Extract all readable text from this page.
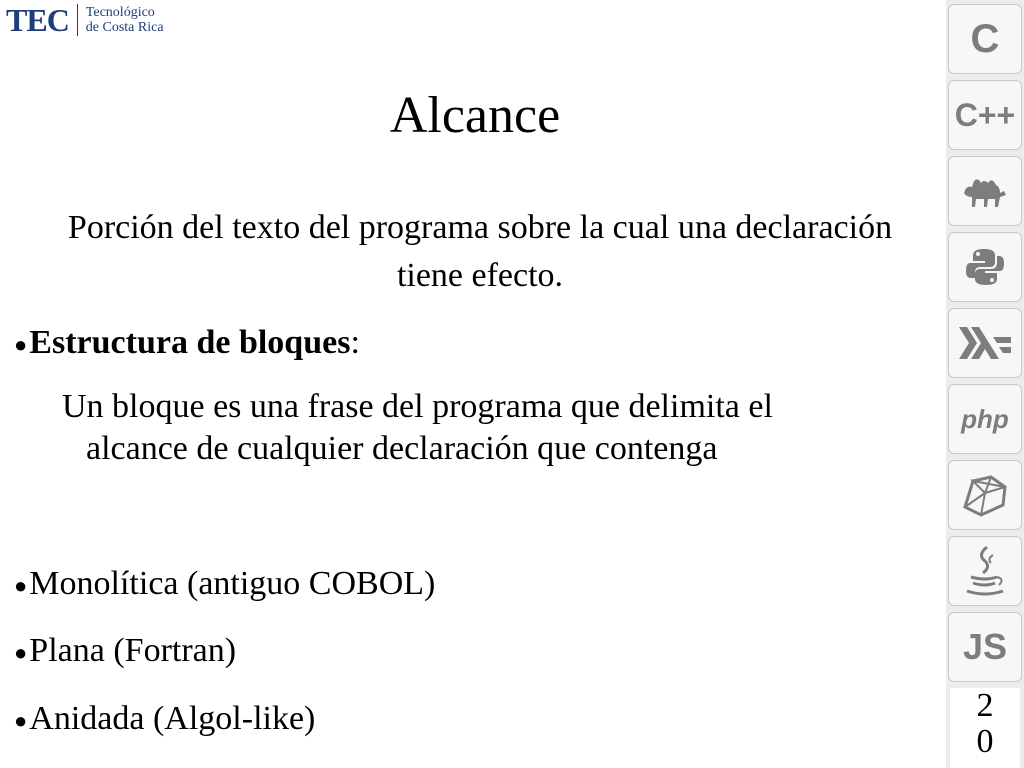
TEC Tecnológico
de Costa Rica
Alcance
Porción del texto del programa sobre la cual una declaración tiene efecto.
●Estructura de bloques:
Un bloque es una frase del programa que delimita el
alcance de cualquier declaración que contenga
●Monolítica (antiguo COBOL)
●Plana (Fortran)
●Anidada (Algol-like)
C
C++
php
JS
2
0
